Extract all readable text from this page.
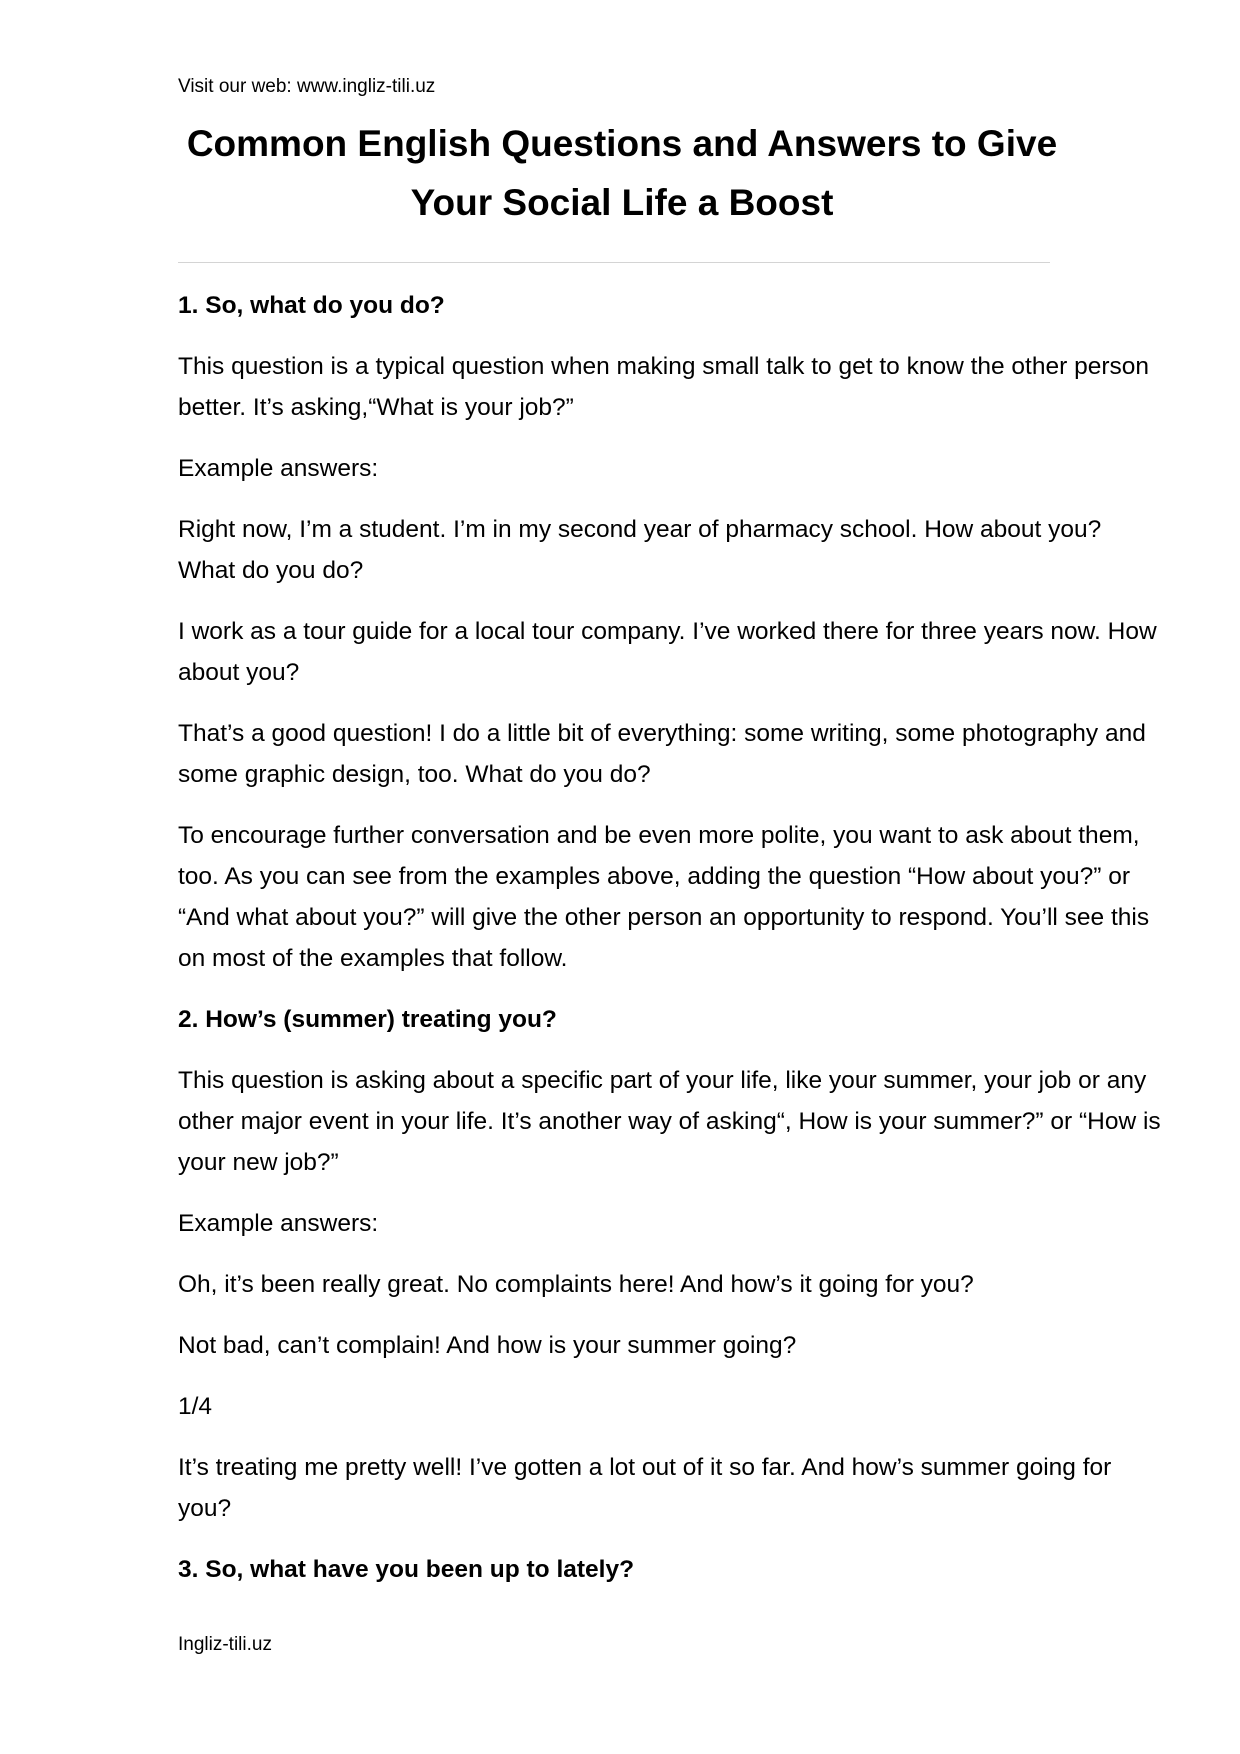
Visit our web: www.ingliz-tili.uz
Common English Questions and Answers to Give Your Social Life a Boost

1. So, what do you do?

This question is a typical question when making small talk to get to know the other person better. It’s asking,“What is your job?”

Example answers:

Right now, I’m a student. I’m in my second year of pharmacy school. How about you? What do you do?

I work as a tour guide for a local tour company. I’ve worked there for three years now. How about you?

That’s a good question! I do a little bit of everything: some writing, some photography and some graphic design, too. What do you do?

To encourage further conversation and be even more polite, you want to ask about them, too. As you can see from the examples above, adding the question “How about you?” or “And what about you?” will give the other person an opportunity to respond. You’ll see this on most of the examples that follow.

2. How’s (summer) treating you?

This question is asking about a specific part of your life, like your summer, your job or any other major event in your life. It’s another way of asking“, How is your summer?” or “How is your new job?”

Example answers:

Oh, it’s been really great. No complaints here! And how’s it going for you?

Not bad, can’t complain! And how is your summer going?

1/4

It’s treating me pretty well! I’ve gotten a lot out of it so far. And how’s summer going for you?

3. So, what have you been up to lately?

Ingliz-tili.uz
